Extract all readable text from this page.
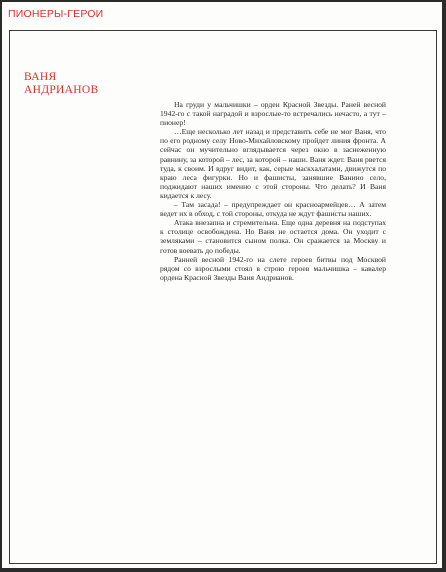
ПИОНЕРЫ-ГЕРОИ
ВАНЯ
АНДРИАНОВ

На груди у мальчишки – орден Красной Звезды. Раней весной 1942-го с такой наградой и взрослые-то встречались нечасто, а тут – пионер!

…Еще несколько лет назад и представить себе не мог Ваня, что по его родному селу Ново-Михайловскому пройдет линия фронта. А сейчас он мучительно вглядывается через окно в заснеженную равнину, за которой – лес, за которой – наши. Ваня ждет. Ваня рвется туда, к своим. И вдруг видит, как, серые маскхалатами, движутся по краю леса фигурки. Но и фашисты, занявшие Ванино село, поджидают наших именно с этой стороны. Что делать? И Ваня кидается к лесу.

– Там засада! – предупреждает он красноармейцев… А затем ведет их в обход, с той стороны, откуда не ждут фашисты наших.

Атака внезапна и стремительна. Еще одна деревня на подступах к столице освобождена. Но Ваня не остается дома. Он уходит с земляками – становится сыном полка. Он сражается за Москву и готов воевать до победы.

Ранней весной 1942-го на слете героев битвы под Москвой рядом со взрослыми стоял в строю героев мальчишка – кавалер ордена Красной Звезды Ваня Андрианов.
